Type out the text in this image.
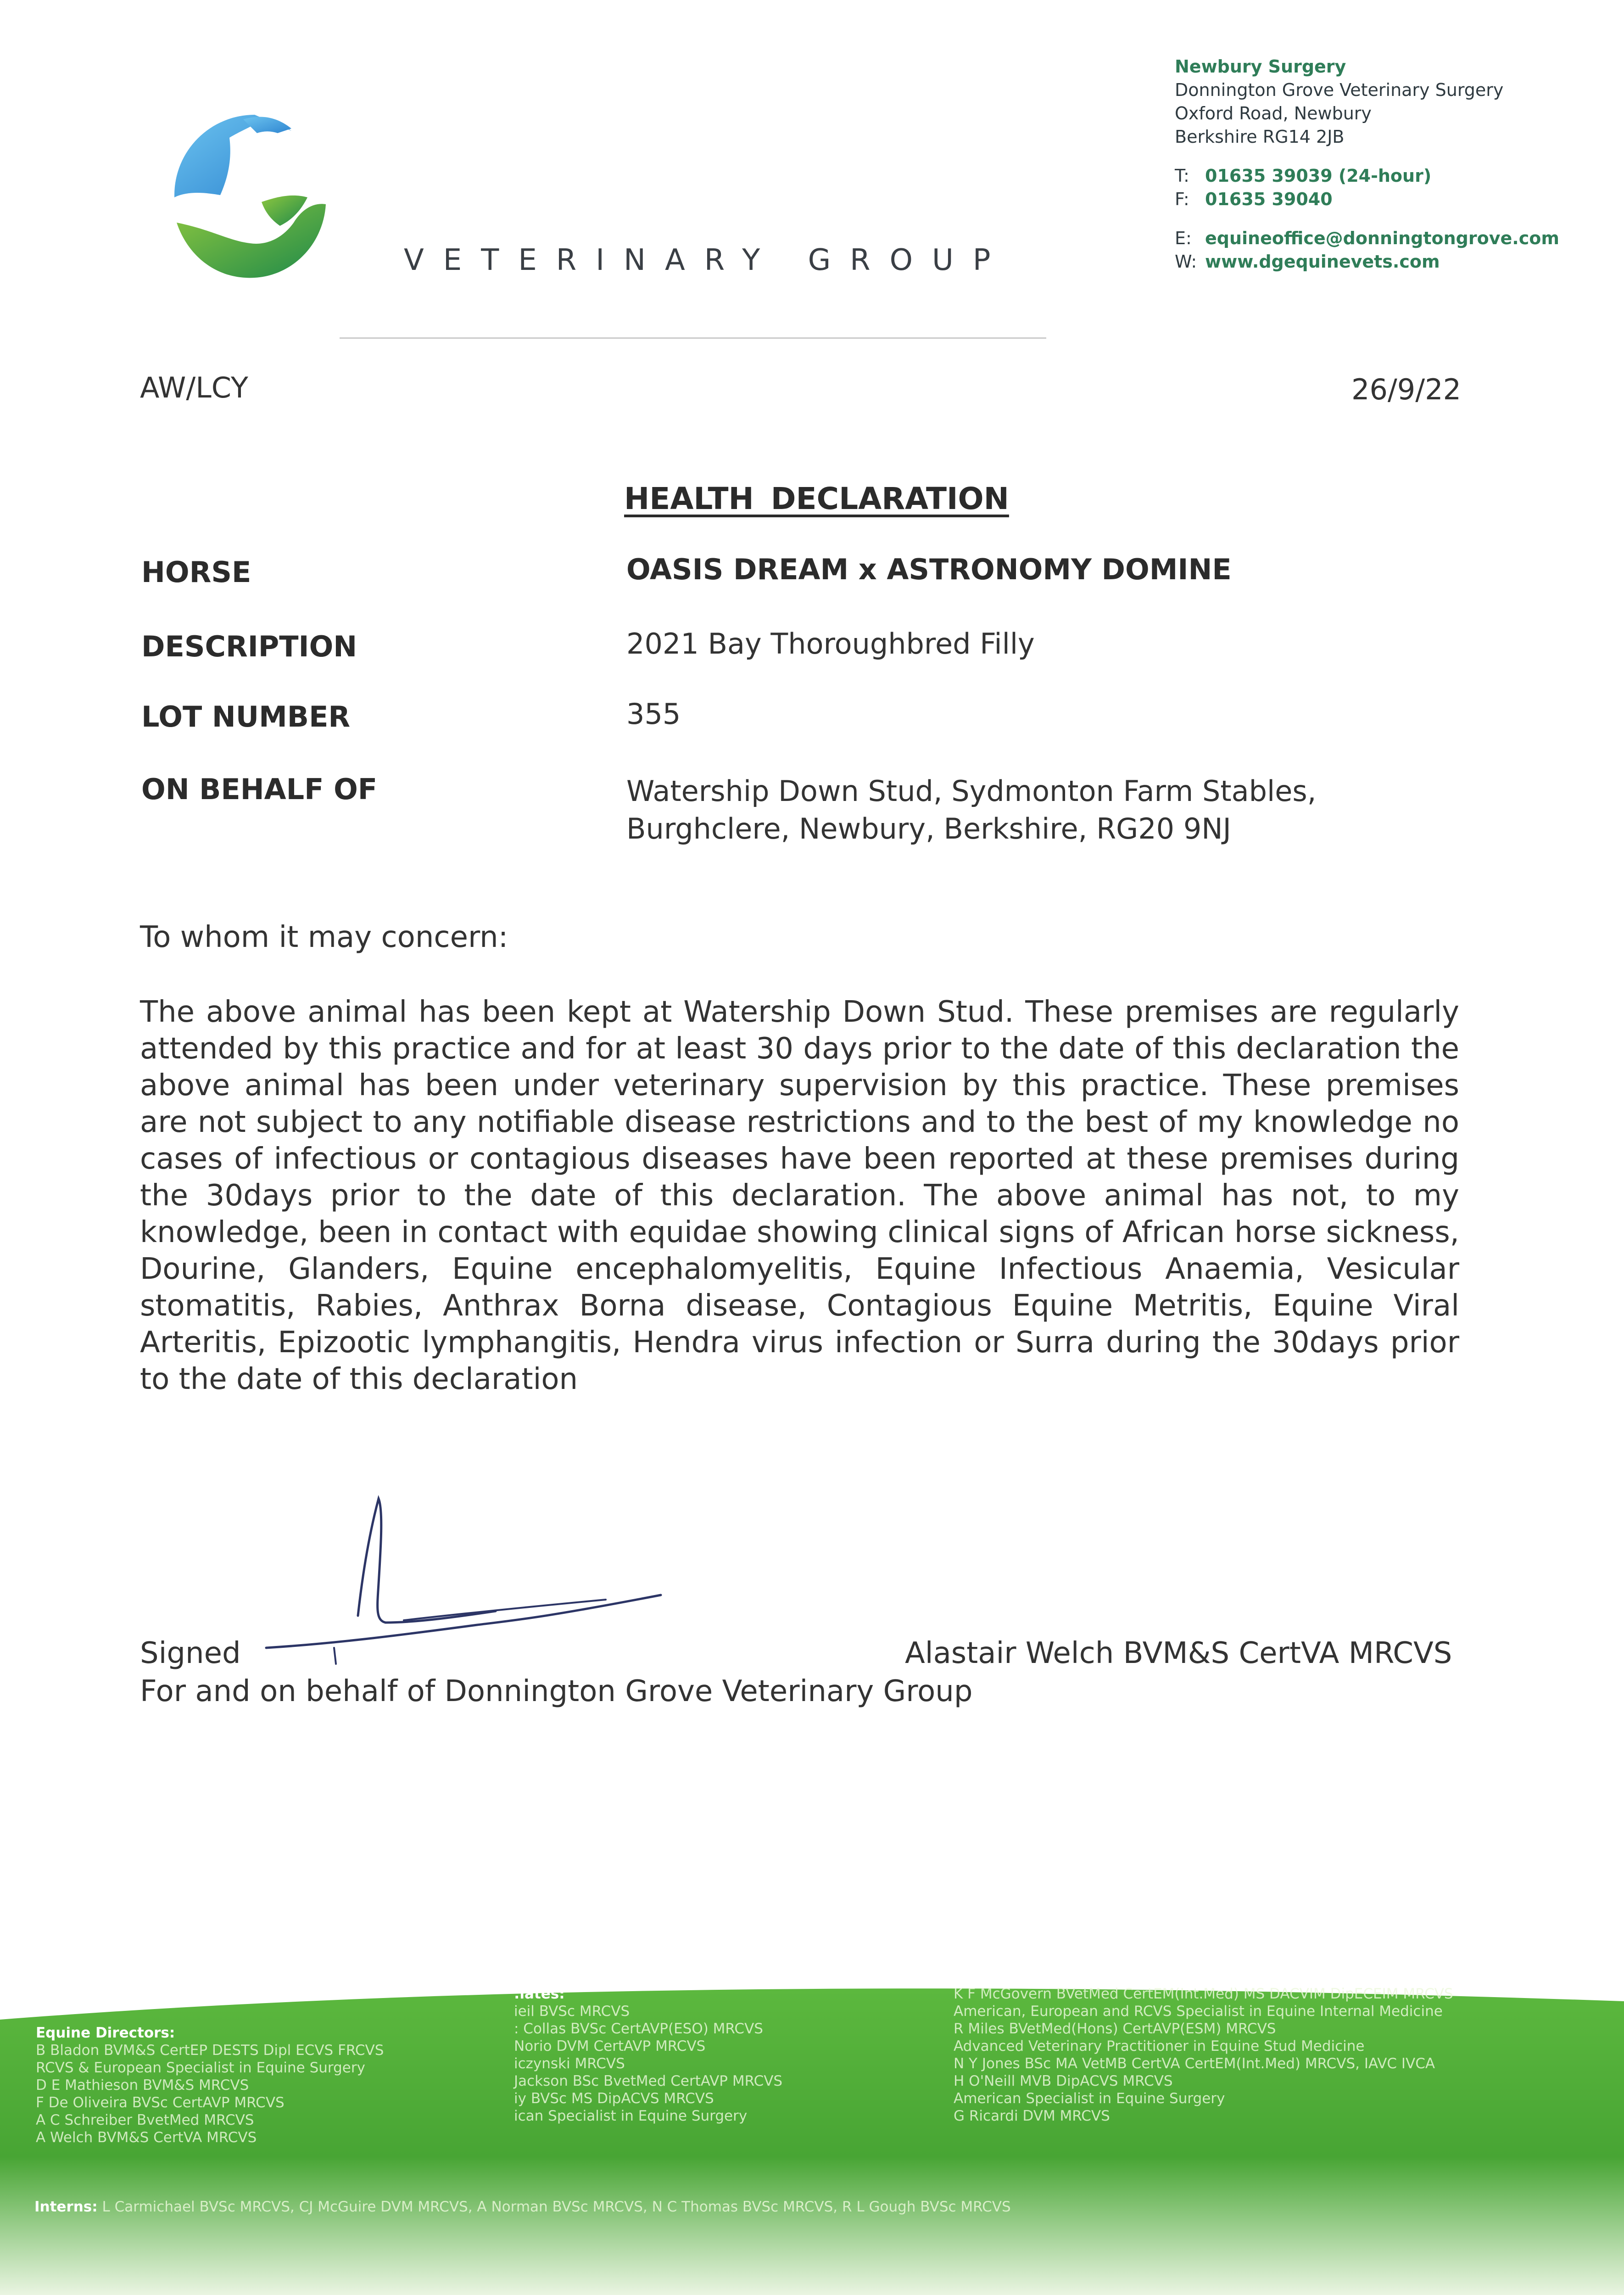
VETERINARY GROUP
Newbury Surgery
Donnington Grove Veterinary Surgery
Oxford Road, Newbury
Berkshire RG14 2JB
T: 01635 39039 (24-hour)
F: 01635 39040
E: equineoffice@donningtongrove.com
W: www.dgequinevets.com
AW/LCY	26/9/22
HEALTH DECLARATION
HORSE	OASIS DREAM x ASTRONOMY DOMINE
DESCRIPTION	2021 Bay Thoroughbred Filly
LOT NUMBER	355
ON BEHALF OF	Watership Down Stud, Sydmonton Farm Stables,
Burghclere, Newbury, Berkshire, RG20 9NJ
To whom it may concern:
The above animal has been kept at Watership Down Stud. These premises are regularly attended by this practice and for at least 30 days prior to the date of this declaration the above animal has been under veterinary supervision by this practice. These premises are not subject to any notifiable disease restrictions and to the best of my knowledge no cases of infectious or contagious diseases have been reported at these premises during the 30days prior to the date of this declaration. The above animal has not, to my knowledge, been in contact with equidae showing clinical signs of African horse sickness, Dourine, Glanders, Equine encephalomyelitis, Equine Infectious Anaemia, Vesicular stomatitis, Rabies, Anthrax Borna disease, Contagious Equine Metritis, Equine Viral Arteritis, Epizootic lymphangitis, Hendra virus infection or Surra during the 30days prior to the date of this declaration
Signed	Alastair Welch BVM&S CertVA MRCVS
For and on behalf of Donnington Grove Veterinary Group
Equine Directors:
B Bladon BVM&S CertEP DESTS Dipl ECVS FRCVS
RCVS & European Specialist in Equine Surgery
D E Mathieson BVM&S MRCVS
F De Oliveira BVSc CertAVP MRCVS
A C Schreiber BvetMed MRCVS
A Welch BVM&S CertVA MRCVS
:iates:
ieil BVSc MRCVS
: Collas BVSc CertAVP(ESO) MRCVS
Norio DVM CertAVP MRCVS
iczynski MRCVS
Jackson BSc BvetMed CertAVP MRCVS
iy BVSc MS DipACVS MRCVS
ican Specialist in Equine Surgery
K F McGovern BVetMed CertEM(Int.Med) MS DACVIM DipECEIM MRCVS
American, European and RCVS Specialist in Equine Internal Medicine
R Miles BVetMed(Hons) CertAVP(ESM) MRCVS
Advanced Veterinary Practitioner in Equine Stud Medicine
N Y Jones BSc MA VetMB CertVA CertEM(Int.Med) MRCVS, IAVC IVCA
H O'Neill MVB DipACVS MRCVS
American Specialist in Equine Surgery
G Ricardi DVM MRCVS
Interns: L Carmichael BVSc MRCVS, CJ McGuire DVM MRCVS, A Norman BVSc MRCVS, N C Thomas BVSc MRCVS, R L Gough BVSc MRCVS
